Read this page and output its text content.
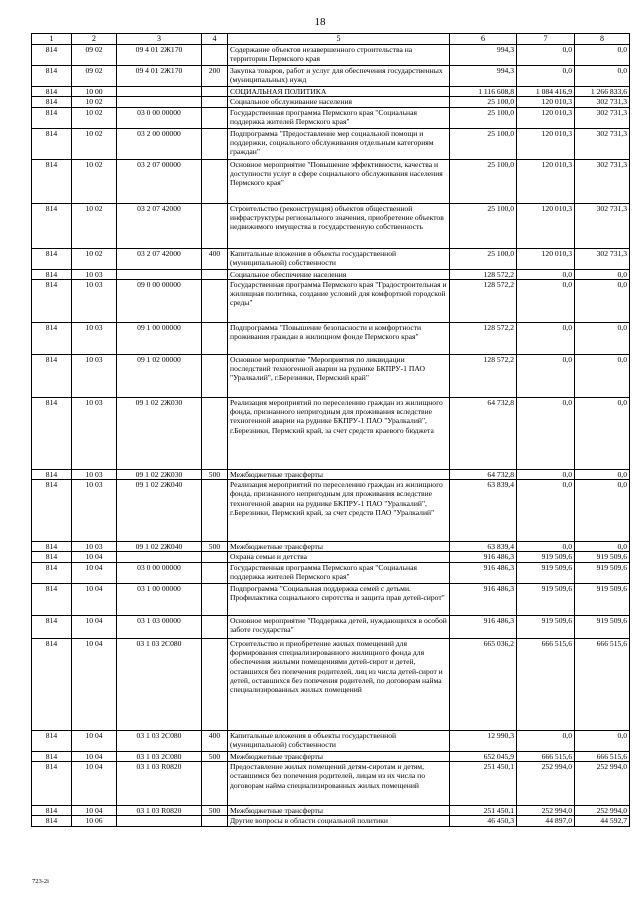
18
1	2	3	4	5	6	7	8
814	09 02	09 4 01 2Ж170		Содержание объектов незавершенного строительства на территории Пермского края	994,3	0,0	0,0
814	09 02	09 4 01 2Ж170	200	Закупка товаров, работ и услуг для обеспечения государственных (муниципальных) нужд	994,3	0,0	0,0
814	10 00			СОЦИАЛЬНАЯ ПОЛИТИКА	1 116 608,8	1 084 416,9	1 266 833,6
814	10 02			Социальное обслуживание населения	25 100,0	120 010,3	302 731,3
814	10 02	03 0 00 00000		Государственная программа Пермского края "Социальная поддержка жителей Пермского края"	25 100,0	120 010,3	302 731,3
814	10 02	03 2 00 00000		Подпрограмма "Предоставление мер социальной помощи и поддержки, социального обслуживания отдельным категориям граждан"	25 100,0	120 010,3	302 731,3
814	10 02	03 2 07 00000		Основное мероприятие "Повышение эффективности, качества и доступности услуг в сфере социального обслуживания населения Пермского края"	25 100,0	120 010,3	302 731,3
814	10 02	03 2 07 42000		Строительство (реконструкция) объектов общественной инфраструктуры регионального значения, приобретение объектов недвижимого имущества в государственную собственность	25 100,0	120 010,3	302 731,3
814	10 02	03 2 07 42000	400	Капитальные вложения в объекты государственной (муниципальной) собственности	25 100,0	120 010,3	302 731,3
814	10 03			Социальное обеспечение населения	128 572,2	0,0	0,0
814	10 03	09 0 00 00000		Государственная программа Пермского края "Градостроительная и жилищная политика, создание условий для комфортной городской среды"	128 572,2	0,0	0,0
814	10 03	09 1 00 00000		Подпрограмма "Повышение безопасности и комфортности проживания граждан в жилищном фонде Пермского края"	128 572,2	0,0	0,0
814	10 03	09 1 02 00000		Основное мероприятие "Мероприятия по ликвидации последствий техногенной аварии на руднике БКПРУ-1 ПАО "Уралкалий", г.Березники, Пермский край"	128 572,2	0,0	0,0
814	10 03	09 1 02 2Ж030		Реализация мероприятий по переселению граждан из жилищного фонда, признанного непригодным для проживания вследствие техногенной аварии на руднике БКПРУ-1 ПАО "Уралкалий", г.Березники, Пермский край, за счет средств краевого бюджета	64 732,8	0,0	0,0
814	10 03	09 1 02 2Ж030	500	Межбюджетные трансферты	64 732,8	0,0	0,0
814	10 03	09 1 02 2Ж040		Реализация мероприятий по переселению граждан из жилищного фонда, признанного непригодным для проживания вследствие техногенной аварии на руднике БКПРУ-1 ПАО "Уралкалий", г.Березники, Пермский край, за счет средств ПАО "Уралкалий"	63 839,4	0,0	0,0
814	10 03	09 1 02 2Ж040	500	Межбюджетные трансферты	63 839,4	0,0	0,0
814	10 04			Охрана семьи и детства	916 486,3	919 509,6	919 509,6
814	10 04	03 0 00 00000		Государственная программа Пермского края "Социальная поддержка жителей Пермского края"	916 486,3	919 509,6	919 509,6
814	10 04	03 1 00 00000		Подпрограмма "Социальная поддержка семей с детьми. Профилактика социального сиротства и защита прав детей-сирот"	916 486,3	919 509,6	919 509,6
814	10 04	03 1 03 00000		Основное мероприятие "Поддержка детей, нуждающихся в особой заботе государства"	916 486,3	919 509,6	919 509,6
814	10 04	03 1 03 2С080		Строительство и приобретение жилых помещений для формирования специализированного жилищного фонда для обеспечения жилыми помещениями детей-сирот и детей, оставшихся без попечения родителей, лиц из числа детей-сирот и детей, оставшихся без попечения родителей, по договорам найма специализированных жилых помещений	665 036,2	666 515,6	666 515,6
814	10 04	03 1 03 2С080	400	Капитальные вложения в объекты государственной (муниципальной) собственности	12 990,3	0,0	0,0
814	10 04	03 1 03 2С080	500	Межбюджетные трансферты	652 045,9	666 515,6	666 515,6
814	10 04	03 1 03 R0820		Предоставление жилых помещений детям-сиротам и детям, оставшимся без попечения родителей, лицам из их числа по договорам найма специализированных жилых помещений	251 450,1	252 994,0	252 994,0
814	10 04	03 1 03 R0820	500	Межбюджетные трансферты	251 450,1	252 994,0	252 994,0
814	10 06			Другие вопросы в области социальной политики	46 450,3	44 897,0	44 592,7
723-2i
